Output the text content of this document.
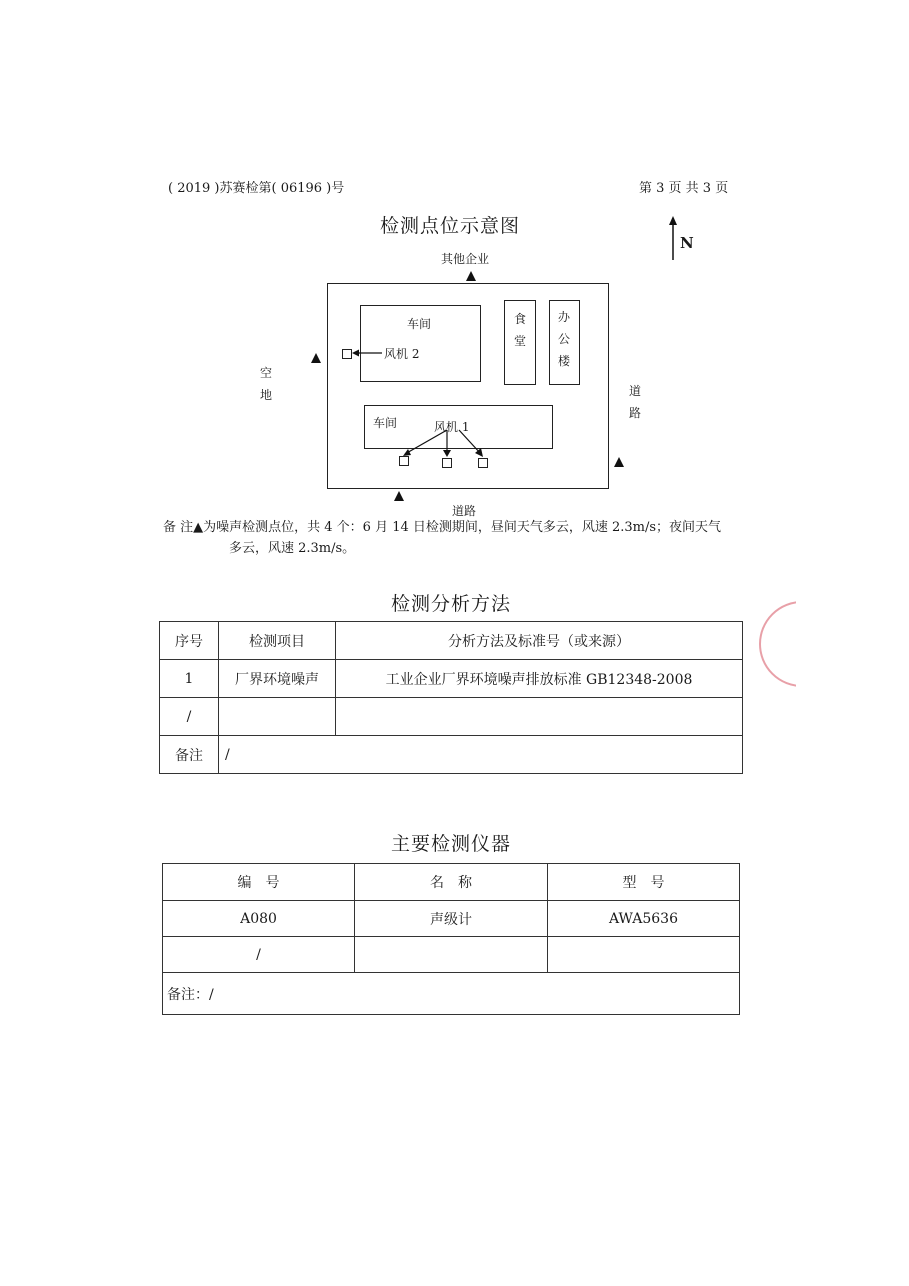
( 2019 )苏赛检第( 06196 )号	第 3 页 共 3 页
检测点位示意图
N
其他企业
空
地	道
路
道路
车间
风机 2
食
堂
办
公
楼
车间	风机 1
备 注▲为噪声检测点位，共 4 个：6 月 14 日检测期间，昼间天气多云，风速 2.3m/s；夜间天气
多云，风速 2.3m/s。
检测分析方法
序号	检测项目	分析方法及标准号（或来源）
1	厂界环境噪声	工业企业厂界环境噪声排放标准 GB12348-2008
/		
备注	/	
主要检测仪器
编　号	名　称	型　号
A080	声级计	AWA5636
/		
备注：/		
